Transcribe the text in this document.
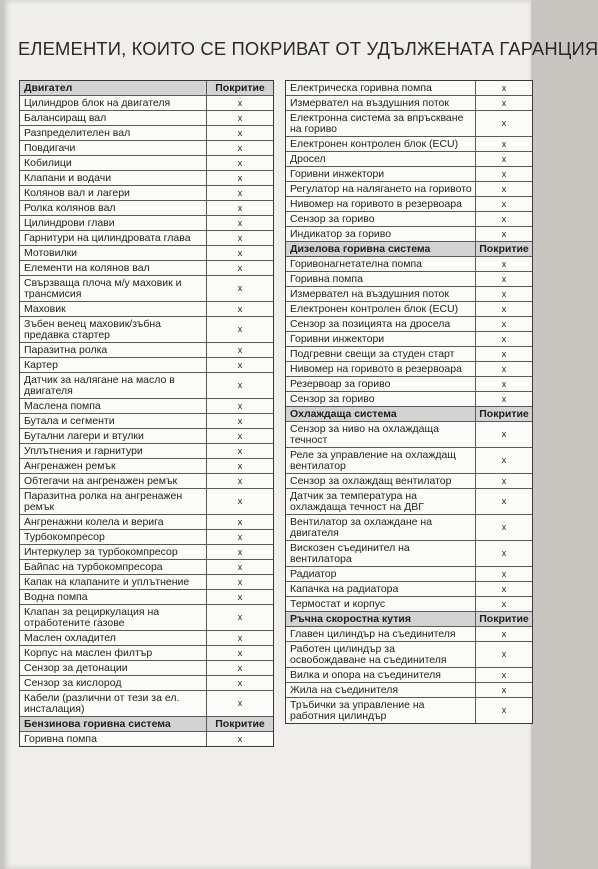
ЕЛЕМЕНТИ, КОИТО СЕ ПОКРИВАТ ОТ УДЪЛЖЕНАТА ГАРАНЦИЯ
Двигател	Покритие
Цилиндров блок на двигателя	x
Балансиращ вал	x
Разпределителен вал	x
Повдигачи	x
Кобилици	x
Клапани и водачи	x
Колянов вал и лагери	x
Ролка колянов вал	x
Цилиндрови глави	x
Гарнитури на цилиндровата глава	x
Мотовилки	x
Елементи на колянов вал	x
Свързваща плоча м/у маховик и трансмисия	x
Маховик	x
Зъбен венец маховик/зъбна предавка стартер	x
Паразитна ролка	x
Картер	x
Датчик за налягане на масло в двигателя	x
Маслена помпа	x
Бутала и сегменти	x
Бутални лагери и втулки	x
Уплътнения и гарнитури	x
Ангренажен ремък	x
Обтегачи на ангренажен ремък	x
Паразитна ролка на ангренажен ремък	x
Ангренажни колела и верига	x
Турбокомпресор	x
Интеркулер за турбокомпресор	x
Байпас на турбокомпресора	x
Капак на клапаните и уплътнение	x
Водна помпа	x
Клапан за рециркулация на отработените газове	x
Маслен охладител	x
Корпус на маслен филтър	x
Сензор за детонации	x
Сензор за кислород	x
Кабели (различни от тези за ел. инсталация)	x
Бензинова горивна система	Покритие
Горивна помпа	x
Електрическа горивна помпа	x
Измервател на въздушния поток	x
Електронна система за впръскване на гориво	x
Електронен контролен блок (ECU)	x
Дросел	x
Горивни инжектори	x
Регулатор на налягането на горивото	x
Нивомер на горивото в резервоара	x
Сензор за гориво	x
Индикатор за гориво	x
Дизелова горивна система	Покритие
Горивонагнетателна помпа	x
Горивна помпа	x
Измервател на въздушния поток	x
Електронен контролен блок (ECU)	x
Сензор за позицията на дросела	x
Горивни инжектори	x
Подгревни свещи за студен старт	x
Нивомер на горивото в резервоара	x
Резервоар за гориво	x
Сензор за гориво	x
Охлаждаща система	Покритие
Сензор за ниво на охлаждаща течност	x
Реле за управление на охлаждащ вентилатор	x
Сензор за охлаждащ вентилатор	x
Датчик за температура на охлаждаща течност на ДВГ	x
Вентилатор за охлаждане на двигателя	x
Вискозен съединител на вентилатора	x
Радиатор	x
Капачка на радиатора	x
Термостат и корпус	x
Ръчна скоростна кутия	Покритие
Главен цилиндър на съединителя	x
Работен цилиндър за освобождаване на съединителя	x
Вилка и опора на съединителя	x
Жила на съединителя	x
Тръбички за управление на работния цилиндър	x
